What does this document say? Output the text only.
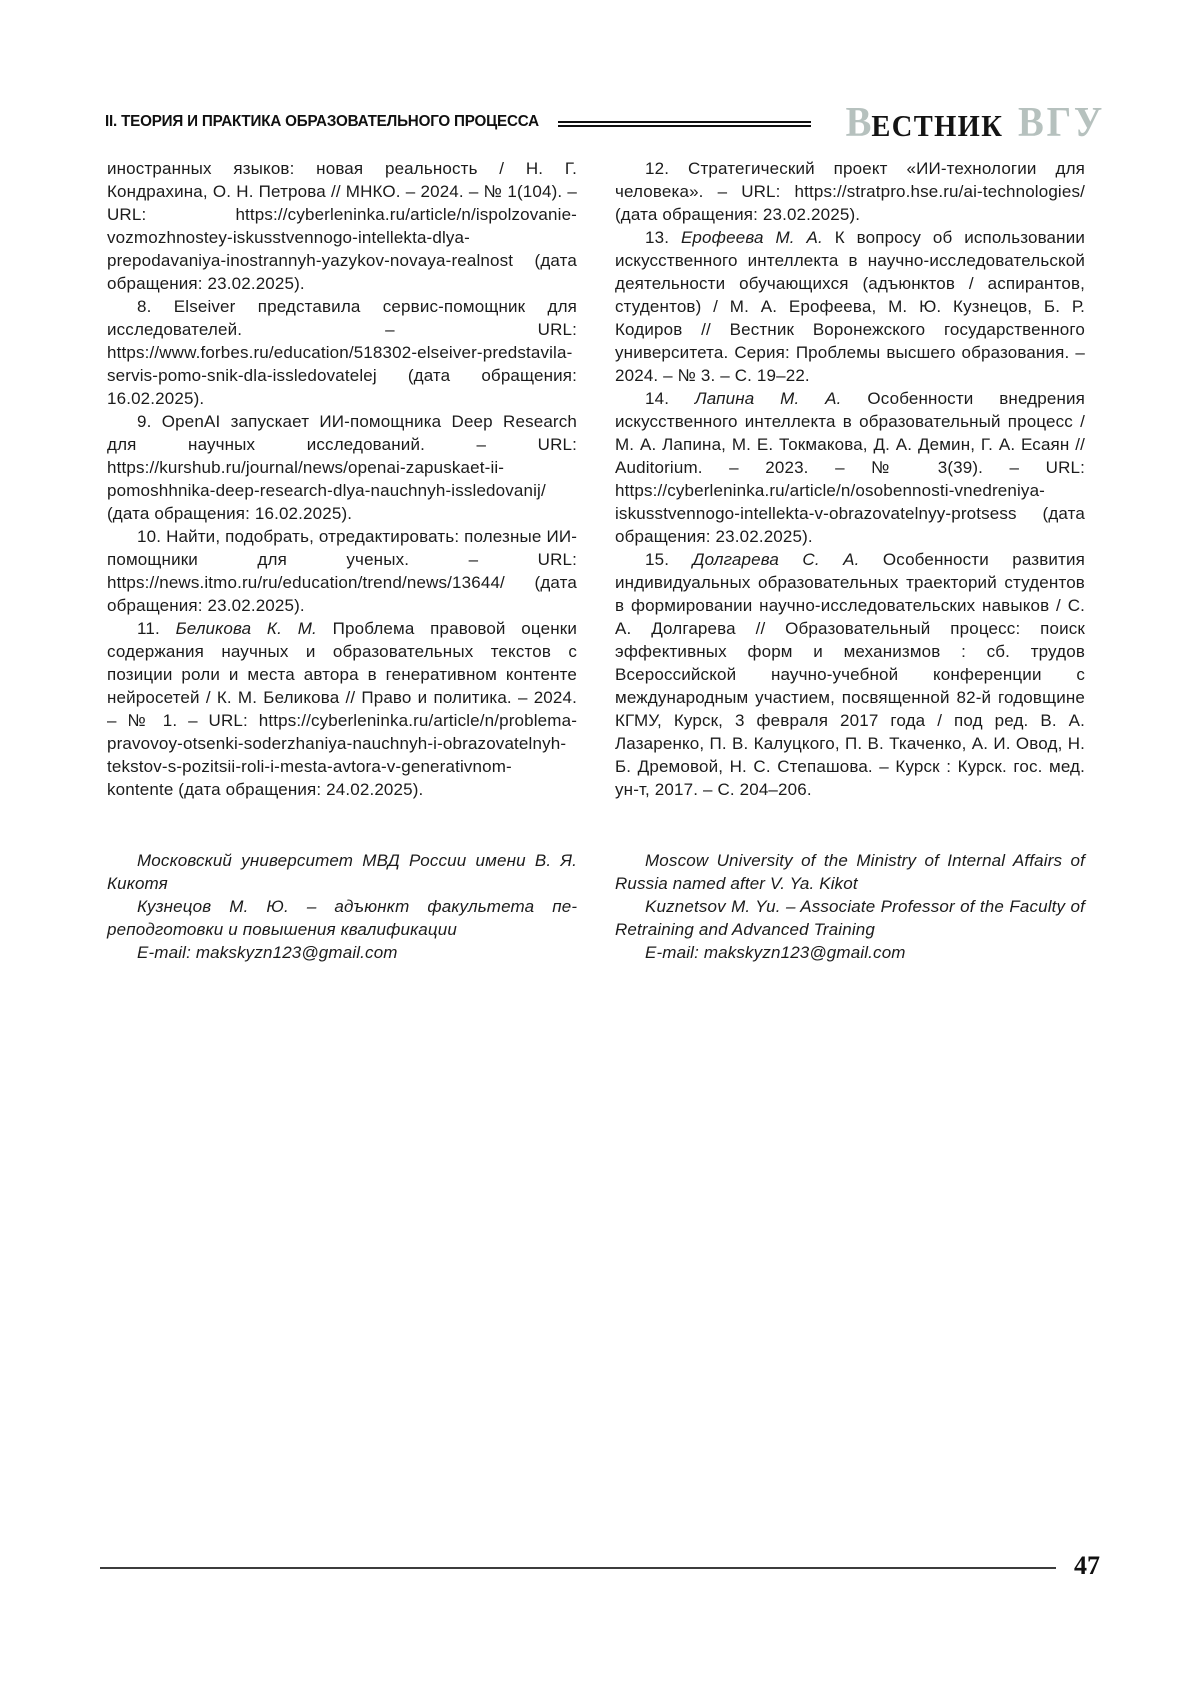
II. ТЕОРИЯ И ПРАКТИКА ОБРАЗОВАТЕЛЬНОГО ПРОЦЕССА	ВЕСТНИК ВГУ

иностранных языков: новая реальность / Н. Г. Кондрахина, О. Н. Петрова // МНКО. – 2024. – № 1(104). – URL: https://cyberleninka.ru/article/n/ispolzovanie-vozmozhnostey-iskusstvennogo-intellekta-dlya-prepodavaniya-inostrannyh-yazykov-novaya-realnost (дата обращения: 23.02.2025).

8. Elseiver представила сервис-помощник для исследователей. – URL: https://www.forbes.ru/education/518302-elseiver-predstavila-servis-pomo-snik-dla-issledovatelej (дата обращения: 16.02.2025).

9. OpenAI запускает ИИ-помощника Deep Research для научных исследований. – URL: https://kurshub.ru/journal/news/openai-zapuskaet-ii-pomoshhnika-deep-research-dlya-nauchnyh-issledovanij/ (дата обращения: 16.02.2025).

10. Найти, подобрать, отредактировать: полезные ИИ-помощники для ученых. – URL: https://news.itmo.ru/ru/education/trend/news/13644/ (дата обращения: 23.02.2025).

11. Беликова К. М. Проблема правовой оценки содержания научных и образовательных текстов с позиции роли и места автора в генеративном контенте нейросетей / К. М. Беликова // Право и политика. – 2024. – № 1. – URL: https://cyberleninka.ru/article/n/problema-pravovoy-otsenki-soderzhaniya-nauchnyh-i-obrazovatelnyh-tekstov-s-pozitsii-roli-i-mesta-avtora-v-generativnom-kontente (дата обращения: 24.02.2025).

12. Стратегический проект «ИИ-технологии для человека». – URL: https://stratpro.hse.ru/ai-technologies/ (дата обращения: 23.02.2025).

13. Ерофеева М. А. К вопросу об использовании искусственного интеллекта в научно-исследовательской деятельности обучающихся (адъюнктов / аспирантов, студентов) / М. А. Ерофеева, М. Ю. Кузнецов, Б. Р. Кодиров // Вестник Воронежского государственного университета. Серия: Проблемы высшего образования. – 2024. – № 3. – С. 19–22.

14. Лапина М. А. Особенности внедрения искусственного интеллекта в образовательный процесс / М. А. Лапина, М. Е. Токмакова, Д. А. Демин, Г. А. Есаян // Auditorium. – 2023. – № 3(39). – URL: https://cyberleninka.ru/article/n/osobennosti-vnedreniya-iskusstvennogo-intellekta-v-obrazovatelnyy-protsess (дата обращения: 23.02.2025).

15. Долгарева С. А. Особенности развития индивидуальных образовательных траекторий студентов в формировании научно-исследовательских навыков / С. А. Долгарева // Образовательный процесс: поиск эффективных форм и механизмов : сб. трудов Всероссийской научно-учебной конференции с международным участием, посвященной 82-й годовщине КГМУ, Курск, 3 февраля 2017 года / под ред. В. А. Лазаренко, П. В. Калуцкого, П. В. Ткаченко, А. И. Овод, Н. Б. Дремовой, Н. С. Степашова. – Курск : Курск. гос. мед. ун-т, 2017. – С. 204–206.

Московский университет МВД России имени В. Я. Кикотя

Кузнецов М. Ю. – адъюнкт факультета переподготовки и повышения квалификации

E-mail: makskyzn123@gmail.com

Moscow University of the Ministry of Internal Affairs of Russia named after V. Ya. Kikot

Kuznetsov M. Yu. – Associate Professor of the Faculty of Retraining and Advanced Training

E-mail: makskyzn123@gmail.com

47
